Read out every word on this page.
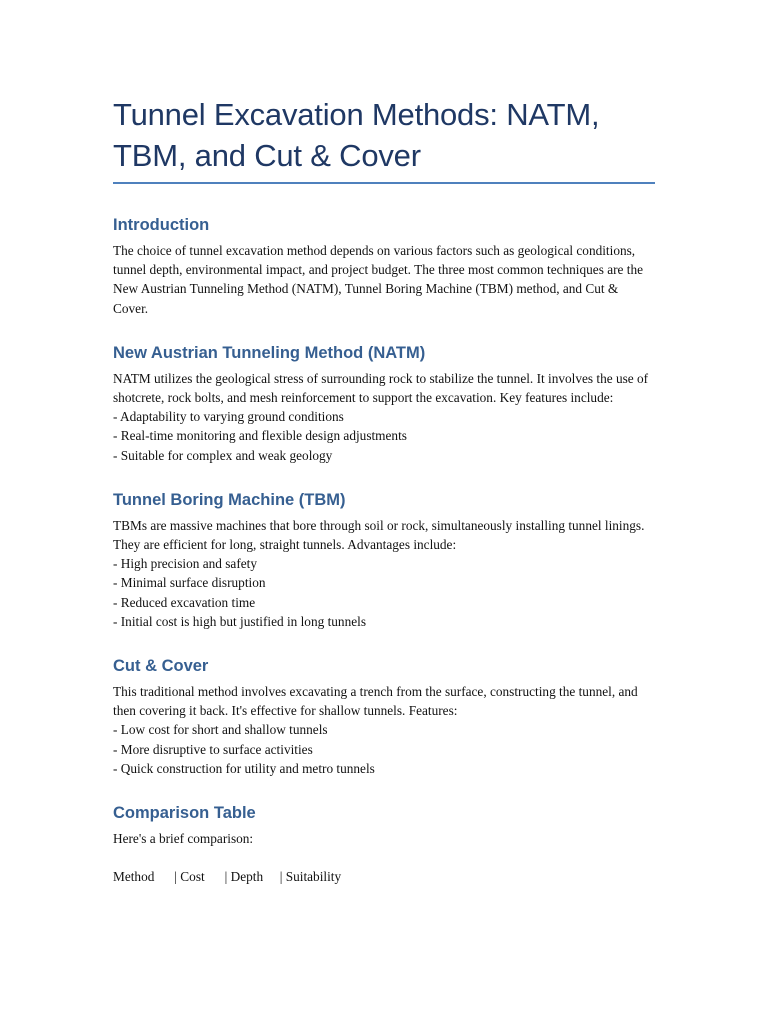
Tunnel Excavation Methods: NATM, TBM, and Cut & Cover
Introduction

The choice of tunnel excavation method depends on various factors such as geological conditions, tunnel depth, environmental impact, and project budget. The three most common techniques are the New Austrian Tunneling Method (NATM), Tunnel Boring Machine (TBM) method, and Cut & Cover.

New Austrian Tunneling Method (NATM)

NATM utilizes the geological stress of surrounding rock to stabilize the tunnel. It involves the use of shotcrete, rock bolts, and mesh reinforcement to support the excavation. Key features include:

- Adaptability to varying ground conditions
- Real-time monitoring and flexible design adjustments
- Suitable for complex and weak geology
Tunnel Boring Machine (TBM)

TBMs are massive machines that bore through soil or rock, simultaneously installing tunnel linings. They are efficient for long, straight tunnels. Advantages include:

- High precision and safety
- Minimal surface disruption
- Reduced excavation time
- Initial cost is high but justified in long tunnels
Cut & Cover

This traditional method involves excavating a trench from the surface, constructing the tunnel, and then covering it back. It's effective for shallow tunnels. Features:

- Low cost for short and shallow tunnels
- More disruptive to surface activities
- Quick construction for utility and metro tunnels
Comparison Table

Here's a brief comparison:

Method      | Cost      | Depth     | Suitability
